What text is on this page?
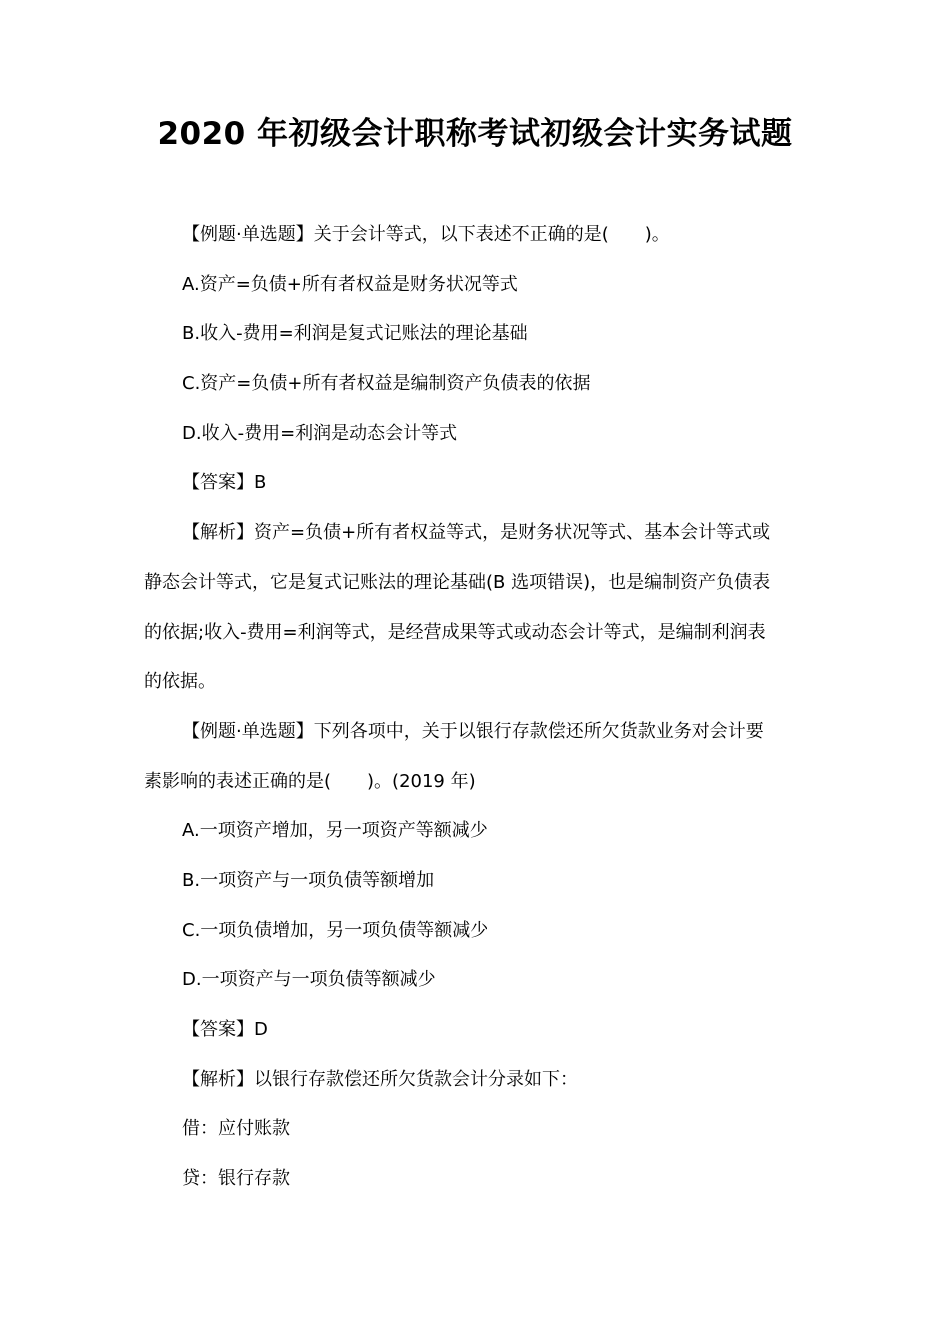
2020 年初级会计职称考试初级会计实务试题

【例题·单选题】关于会计等式，以下表述不正确的是(　　)。

A.资产=负债+所有者权益是财务状况等式

B.收入-费用=利润是复式记账法的理论基础

C.资产=负债+所有者权益是编制资产负债表的依据

D.收入-费用=利润是动态会计等式

【答案】B

【解析】资产=负债+所有者权益等式，是财务状况等式、基本会计等式或

静态会计等式，它是复式记账法的理论基础(B 选项错误)，也是编制资产负债表

的依据;收入-费用=利润等式，是经营成果等式或动态会计等式，是编制利润表

的依据。

【例题·单选题】下列各项中，关于以银行存款偿还所欠货款业务对会计要

素影响的表述正确的是(　　)。(2019 年)

A.一项资产增加，另一项资产等额减少

B.一项资产与一项负债等额增加

C.一项负债增加，另一项负债等额减少

D.一项资产与一项负债等额减少

【答案】D

【解析】以银行存款偿还所欠货款会计分录如下：

借：应付账款

贷：银行存款
